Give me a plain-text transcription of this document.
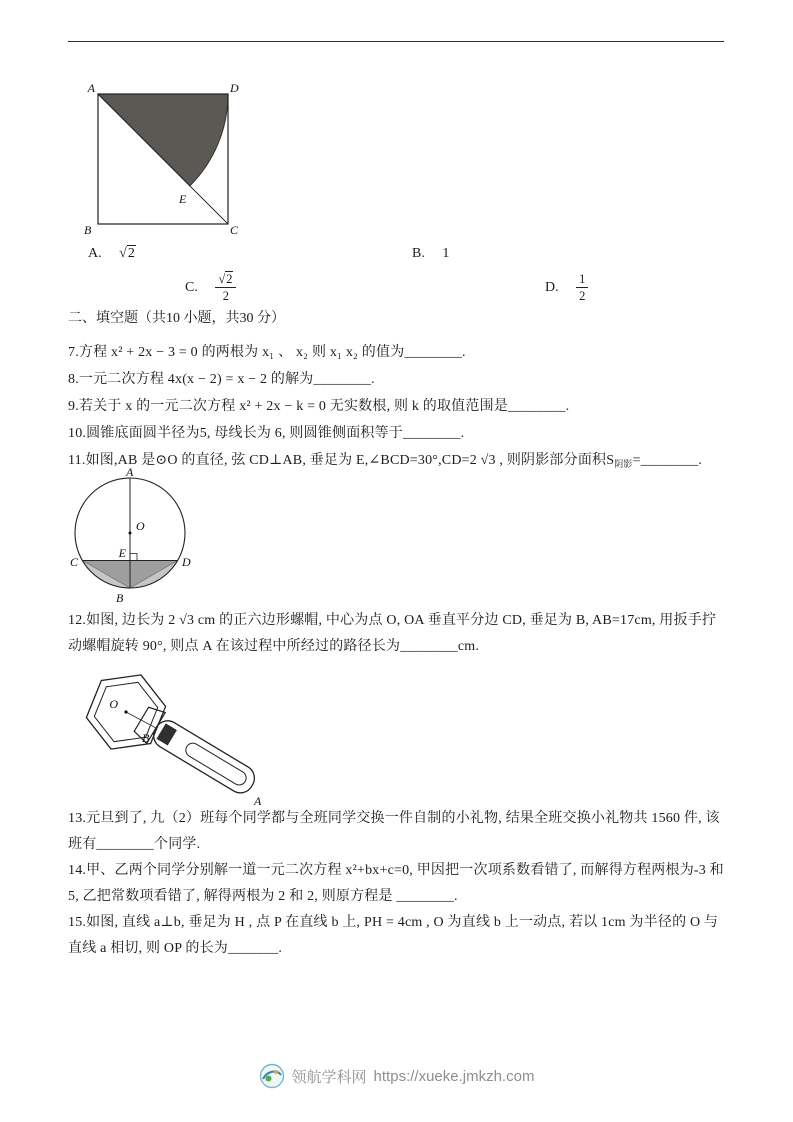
A	D
B	C
E
A. √2	B. 1
C. $\frac{√2}{2}$	D. $\frac{1}{2}$
二、填空题（共10 小题，共30 分）
7.方程 x² + 2x − 3 = 0 的两根为 x₁ 、 x₂ 则 x₁ x₂ 的值为________.
8.一元二次方程 4x(x − 2) = x − 2 的解为________.
9.若关于 x 的一元二次方程 x² + 2x − k = 0 无实数根, 则 k 的取值范围是________.
10.圆锥底面圆半径为5, 母线长为 6, 则圆锥侧面积等于________.
11.如图,AB 是⊙O 的直径, 弦 CD⊥AB, 垂足为 E,∠BCD=30°,CD=2 √3 , 则阴影部分面积$S_{阴影}=\_\_\_\_\_\_\_\_$.
A
O
E
C	D
B
12.如图, 边长为 2 √3 cm 的正六边形螺帽, 中心为点 O, OA 垂直平分边 CD, 垂足为 B, AB=17cm, 用扳手拧动螺帽旋转 90°, 则点 A 在该过程中所经过的路径长为________cm.
O
B
A
13.元旦到了, 九（2）班每个同学都与全班同学交换一件自制的小礼物, 结果全班交换小礼物共 1560 件, 该班有________个同学.
14.甲、乙两个同学分别解一道一元二次方程 x²+bx+c=0, 甲因把一次项系数看错了, 而解得方程两根为-3 和 5, 乙把常数项看错了, 解得两根为 2 和 2, 则原方程是 ________.
15.如图, 直线 a⊥b, 垂足为 H , 点 P 在直线 b 上, PH = 4cm , O 为直线 b 上一动点, 若以 1cm 为半径的 O 与直线 a 相切, 则 OP 的长为_______.
领航学科网 https://xueke.jmkzh.com
